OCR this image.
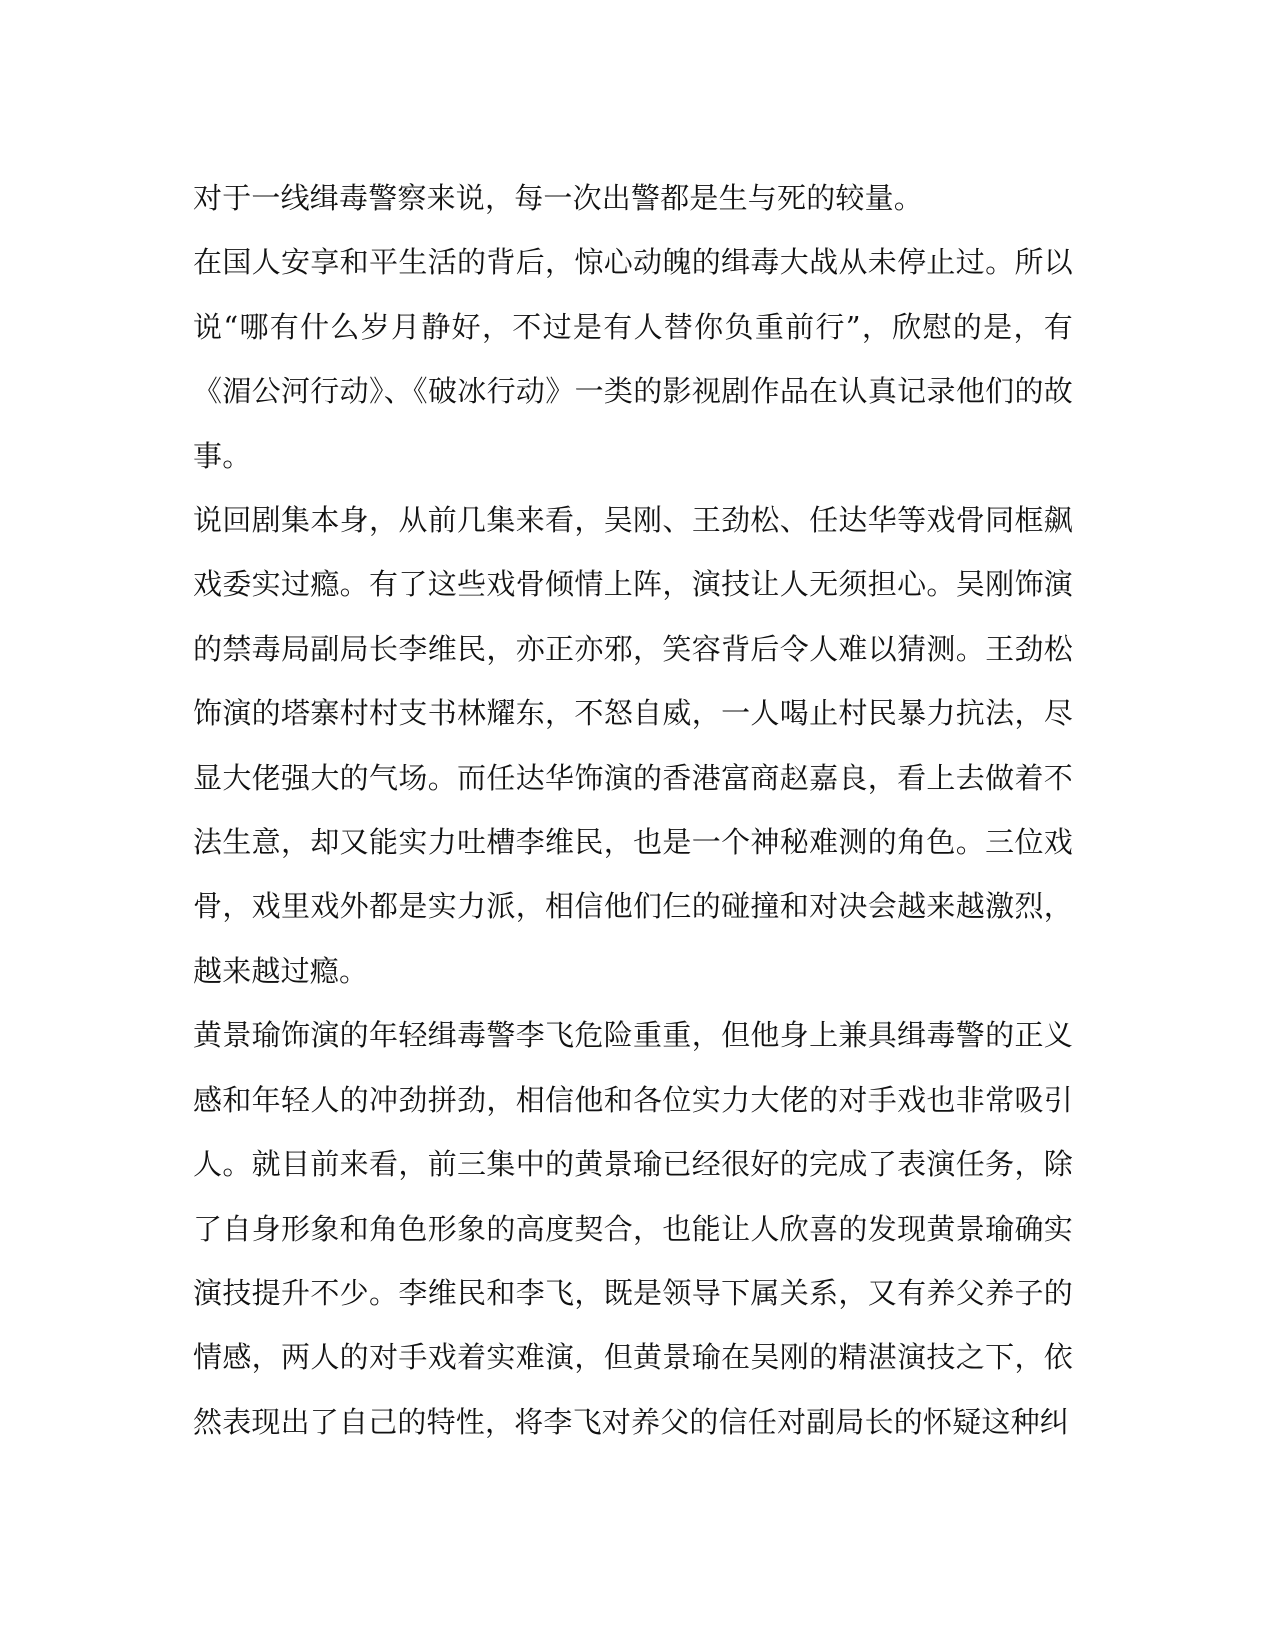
对于一线缉毒警察来说，每一次出警都是生与死的较量。

在国人安享和平生活的背后，惊心动魄的缉毒大战从未停止过。所以说“哪有什么岁月静好，不过是有人替你负重前行”，欣慰的是，有《湄公河行动》、《破冰行动》一类的影视剧作品在认真记录他们的故事。

说回剧集本身，从前几集来看，吴刚、王劲松、任达华等戏骨同框飙戏委实过瘾。有了这些戏骨倾情上阵，演技让人无须担心。吴刚饰演的禁毒局副局长李维民，亦正亦邪，笑容背后令人难以猜测。王劲松饰演的塔寨村村支书林耀东，不怒自威，一人喝止村民暴力抗法，尽显大佬强大的气场。而任达华饰演的香港富商赵嘉良，看上去做着不法生意，却又能实力吐槽李维民，也是一个神秘难测的角色。三位戏骨，戏里戏外都是实力派，相信他们仨的碰撞和对决会越来越激烈，越来越过瘾。

黄景瑜饰演的年轻缉毒警李飞危险重重，但他身上兼具缉毒警的正义感和年轻人的冲劲拼劲，相信他和各位实力大佬的对手戏也非常吸引人。就目前来看，前三集中的黄景瑜已经很好的完成了表演任务，除了自身形象和角色形象的高度契合，也能让人欣喜的发现黄景瑜确实演技提升不少。李维民和李飞，既是领导下属关系，又有养父养子的情感，两人的对手戏着实难演，但黄景瑜在吴刚的精湛演技之下，依然表现出了自己的特性，将李飞对养父的信任对副局长的怀疑这种纠
